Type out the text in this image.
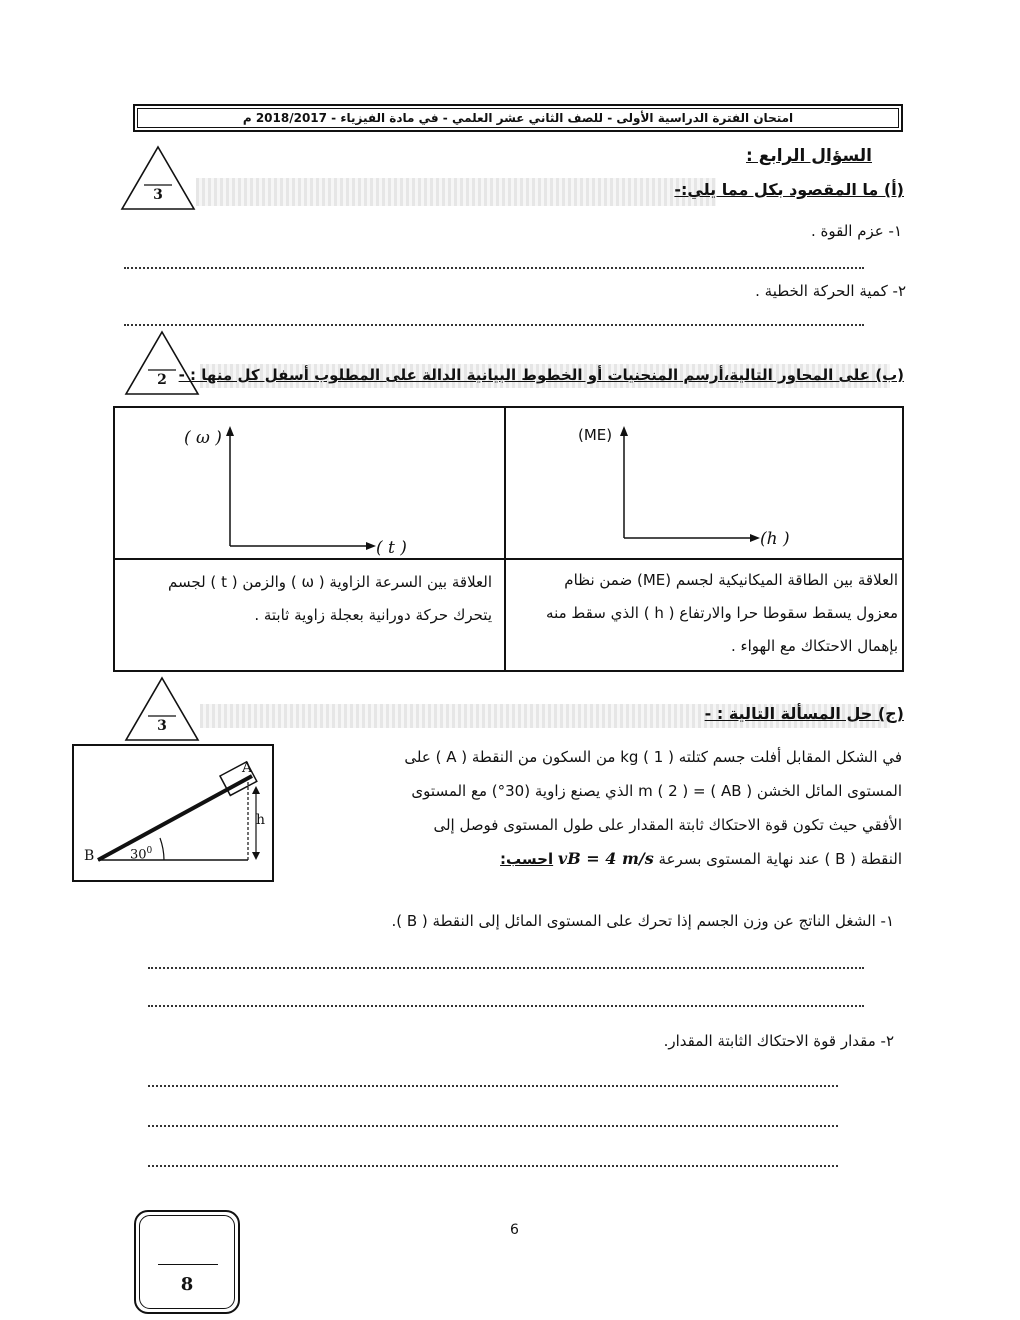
امتحان الفترة الدراسية الأولى - للصف الثاني عشر العلمي - في مادة الفيزياء - 2018/2017 م
السؤال الرابع :
3	(أ) ما المقصود بكل مما يلي:-
١- عزم القوة .
٢- كمية الحركة الخطية .
2 (ب) على المحاور التالية،أرسم المنحنيات أو الخطوط البيانية الدالة على المطلوب أسفل كل منها : -
( ω )
( t )
(ME)
(h )
العلاقة بين السرعة الزاوية ( ω ) والزمن ( t ) لجسم
يتحرك حركة دورانية بعجلة زاوية ثابتة .
العلاقة بين الطاقة الميكانيكية لجسم (ME) ضمن نظام
معزول يسقط سقوطا حرا والارتفاع ( h ) الذي سقط منه
بإهمال الاحتكاك مع الهواء .
3
(ج) حل المسألة التالية : -
B
A
h
$30^0$
في الشكل المقابل أفلت جسم كتلته kg ( 1 ) من السكون من النقطة ( A ) على
المستوى المائل الخشن m ( 2 ) = ( AB ) الذي يصنع زاوية (30°) مع المستوى
الأفقي حيث تكون قوة الاحتكاك ثابتة المقدار على طول المستوى فوصل إلى
النقطة ( B ) عند نهاية المستوى بسرعة vB = 4 m/s احسب:
١- الشغل الناتج عن وزن الجسم إذا تحرك على المستوى المائل إلى النقطة ( B ).
٢- مقدار قوة الاحتكاك الثابتة المقدار.
6
8
